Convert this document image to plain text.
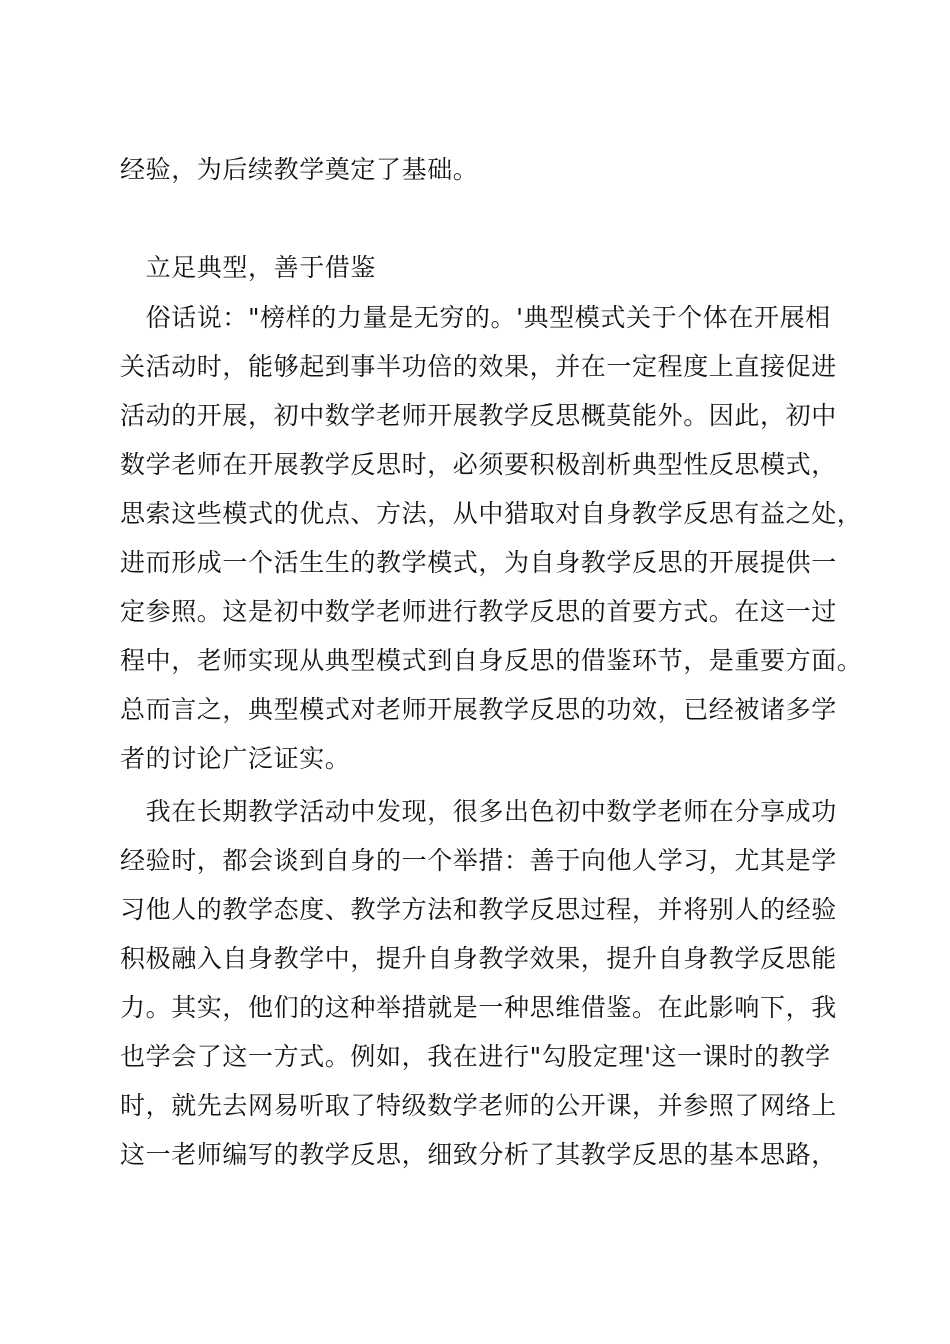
经验，为后续教学奠定了基础。
　立足典型，善于借鉴
　俗话说："榜样的力量是无穷的。'典型模式关于个体在开展相
关活动时，能够起到事半功倍的效果，并在一定程度上直接促进
活动的开展，初中数学老师开展教学反思概莫能外。因此，初中
数学老师在开展教学反思时，必须要积极剖析典型性反思模式，
思索这些模式的优点、方法，从中猎取对自身教学反思有益之处，
进而形成一个活生生的教学模式，为自身教学反思的开展提供一
定参照。这是初中数学老师进行教学反思的首要方式。在这一过
程中，老师实现从典型模式到自身反思的借鉴环节，是重要方面。
总而言之，典型模式对老师开展教学反思的功效，已经被诸多学
者的讨论广泛证实。
　我在长期教学活动中发现，很多出色初中数学老师在分享成功
经验时，都会谈到自身的一个举措：善于向他人学习，尤其是学
习他人的教学态度、教学方法和教学反思过程，并将别人的经验
积极融入自身教学中，提升自身教学效果，提升自身教学反思能
力。其实，他们的这种举措就是一种思维借鉴。在此影响下，我
也学会了这一方式。例如，我在进行"勾股定理'这一课时的教学
时，就先去网易听取了特级数学老师的公开课，并参照了网络上
这一老师编写的教学反思，细致分析了其教学反思的基本思路，
